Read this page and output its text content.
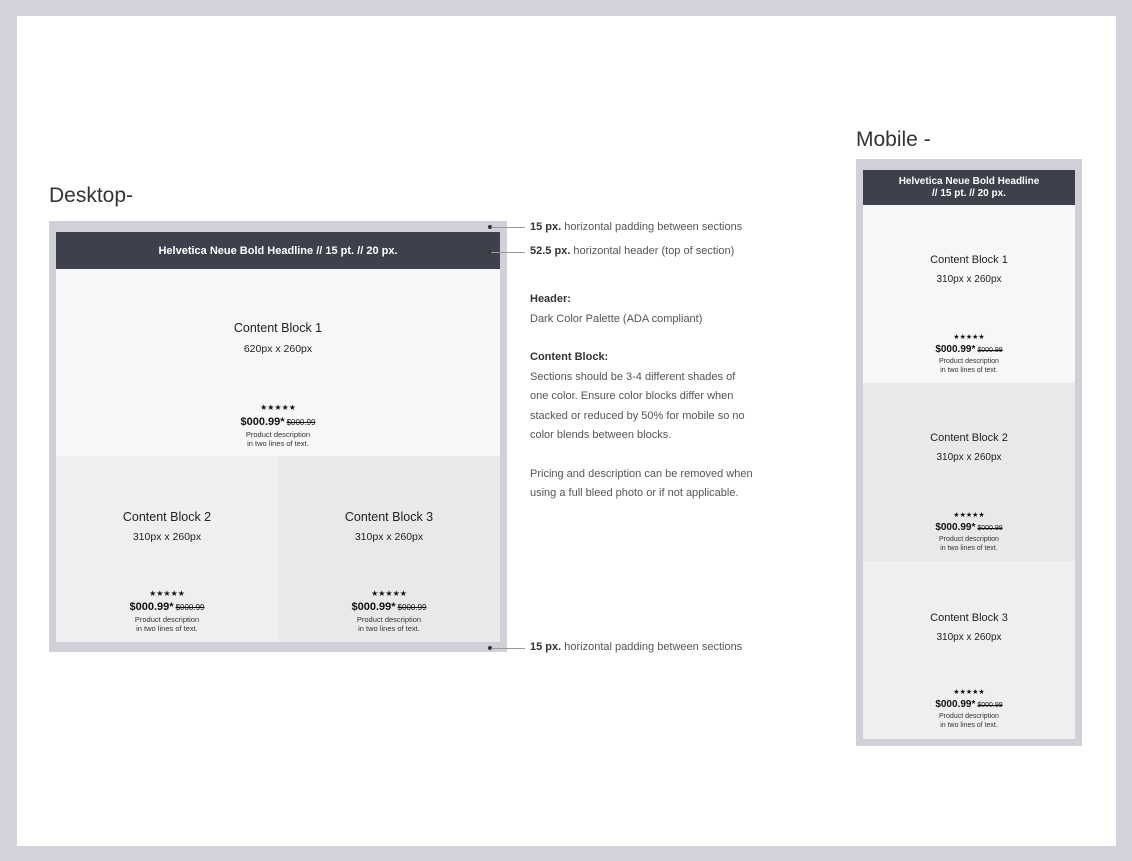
Desktop-
Mobile -
Helvetica Neue Bold Headline // 15 pt. // 20 px.
Content Block 1
620px x 260px
★★★★★
$000.99* $000.99
Product description
in two lines of text.
Content Block 2
310px x 260px
★★★★★
$000.99* $000.99
Product description
in two lines of text.
Content Block 3
310px x 260px
★★★★★
$000.99* $000.99
Product description
in two lines of text.
15 px. horizontal padding between sections
52.5 px. horizontal header (top of section)
15 px. horizontal padding between sections
Header:
Dark Color Palette (ADA compliant)
Content Block:
Sections should be 3-4 different shades of
one color. Ensure color blocks differ when
stacked or reduced by 50% for mobile so no
color blends between blocks.
Pricing and description can be removed when
using a full bleed photo or if not applicable.
Helvetica Neue Bold Headline
// 15 pt. // 20 px.
Content Block 1
310px x 260px
★★★★★
$000.99* $000.99
Product description
in two lines of text.
Content Block 2
310px x 260px
★★★★★
$000.99* $000.99
Product description
in two lines of text.
Content Block 3
310px x 260px
★★★★★
$000.99* $000.99
Product description
in two lines of text.
